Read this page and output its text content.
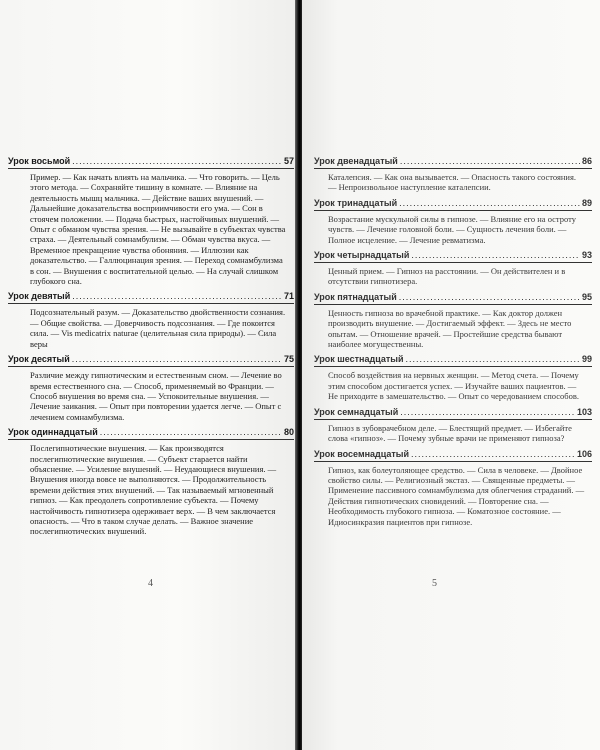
Урок восьмой .....	57
Пример. — Как начать влиять на мальчика. — Что говорить. — Цель этого метода. — Сохраняйте тишину в комнате. — Влияние на деятельность мышц мальчика. — Действие ваших внушений. — Дальнейшие доказательства восприимчивости его ума. — Сон в стоячем положении. — Подача быстрых, настойчивых внушений. — Опыт с обманом чувства зрения. — Не вызывайте в субъектах чувства страха. — Деятельный сомнамбулизм. — Обман чувства вкуса. — Временное прекращение чувства обоняния. — Иллюзии как доказательство. — Галлюцинация зрения. — Переход сомнамбулизма в сон. — Внушения с воспитательной целью. — На случай слишком глубокого сна.
Урок девятый .....	71
Подсознательный разум. — Доказательство двойственности сознания. — Общие свойства. — Доверчивость подсознания. — Где покоится сила. — Vis medicatrix naturae (целительная сила природы). — Сила веры
Урок десятый .....	75
Различие между гипнотическим и естественным сном. — Лечение во время естественного сна. — Способ, применяемый во Франции. — Способ внушения во время сна. — Успокоительные внушения. — Лечение заикания. — Опыт при повторении удается легче. — Опыт с лечением сомнамбулизма.
Урок одиннадцатый .....	80
Послегипнотические внушения. — Как производятся послегипнотические внушения. — Субъект старается найти объяснение. — Усиление внушений. — Неудающиеся внушения. — Внушения иногда вовсе не выполняются. — Продолжительность времени действия этих внушений. — Так называемый мгновенный гипноз. — Как преодолеть сопротивление субъекта. — Почему настойчивость гипнотизера одерживает верх. — В чем заключается опасность. — Что в таком случае делать. — Важное значение послегипнотических внушений.
4
Урок двенадцатый .....	86
Каталепсия. — Как она вызывается. — Опасность такого состояния. — Непроизвольное наступление каталепсии.
Урок тринадцатый .....	89
Возрастание мускульной силы в гипнозе. — Влияние его на остроту чувств. — Лечение головной боли. — Сущность лечения боли. — Полное исцеление. — Лечение ревматизма.
Урок четырнадцатый .....	93
Ценный прием. — Гипноз на расстоянии. — Он действителен и в отсутствии гипнотизера.
Урок пятнадцатый .....	95
Ценность гипноза во врачебной практике. — Как доктор должен производить внушение. — Достигаемый эффект. — Здесь не место опытам. — Отношение врачей. — Простейшие средства бывают наиболее могущественны.
Урок шестнадцатый .....	99
Способ воздействия на нервных женщин. — Метод счета. — Почему этим способом достигается успех. — Изучайте ваших пациентов. — Не приходите в замешательство. — Опыт со чередованием способов.
Урок семнадцатый .....	103
Гипноз в зубоврачебном деле. — Блестящий предмет. — Избегайте слова «гипноз». — Почему зубные врачи не применяют гипноза?
Урок восемнадцатый .....	106
Гипноз, как болеутоляющее средство. — Сила в человеке. — Двойное свойство силы. — Религиозный экстаз. — Священные предметы. — Применение пассивного сомнамбулизма для облегчения страданий. — Действия гипнотических сновидений. — Повторение сна. — Необходимость глубокого гипноза. — Коматозное состояние. — Идиосинкразия пациентов при гипнозе.
5
